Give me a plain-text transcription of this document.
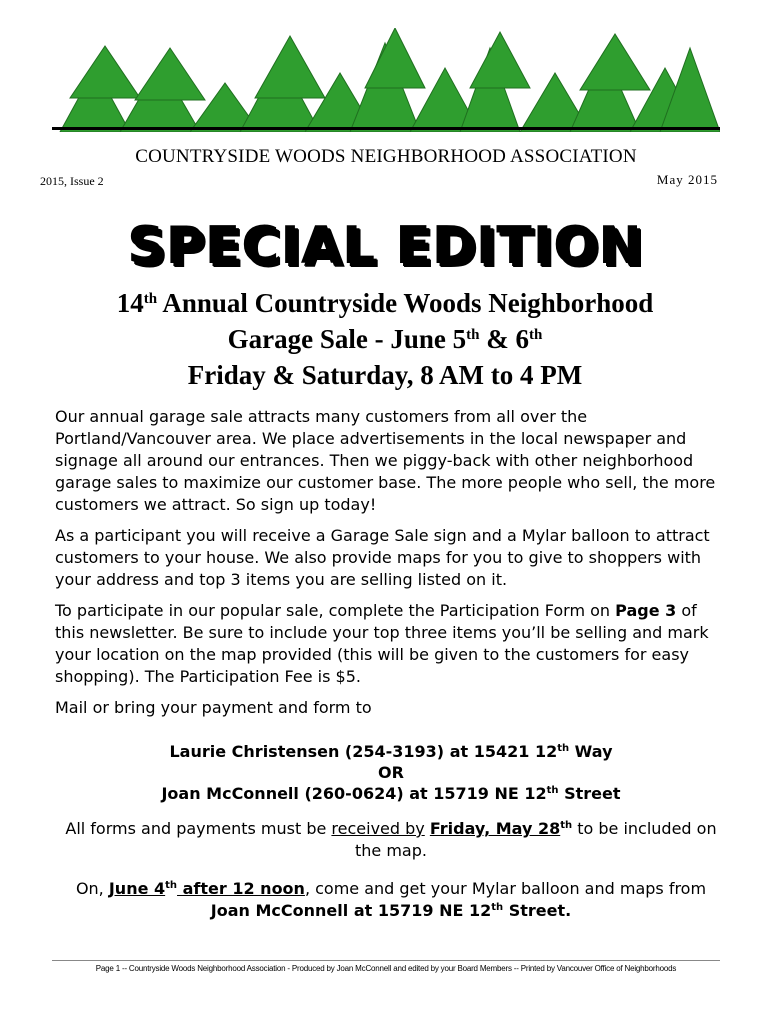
COUNTRYSIDE WOODS NEIGHBORHOOD ASSOCIATION
2015, Issue 2	May 2015
SPECIAL EDITION
14th Annual Countryside Woods Neighborhood
Garage Sale - June 5th & 6th
Friday & Saturday, 8 AM to 4 PM

Our annual garage sale attracts many customers from all over the Portland/Vancouver area. We place advertisements in the local newspaper and signage all around our entrances. Then we piggy-back with other neighborhood garage sales to maximize our customer base. The more people who sell, the more customers we attract. So sign up today!

As a participant you will receive a Garage Sale sign and a Mylar balloon to attract customers to your house. We also provide maps for you to give to shoppers with your address and top 3 items you are selling listed on it.

To participate in our popular sale, complete the Participation Form on Page 3 of this newsletter. Be sure to include your top three items you’ll be selling and mark your location on the map provided (this will be given to the customers for easy shopping). The Participation Fee is $5.

Mail or bring your payment and form to

Laurie Christensen (254-3193) at 15421 12th Way
OR
Joan McConnell (260-0624) at 15719 NE 12th Street
All forms and payments must be received by Friday, May 28th to be included on the map.
On, June 4th after 12 noon, come and get your Mylar balloon and maps from Joan McConnell at 15719 NE 12th Street.
Page 1 -- Countryside Woods Neighborhood Association - Produced by Joan McConnell and edited by your Board Members -- Printed by Vancouver Office of Neighborhoods
